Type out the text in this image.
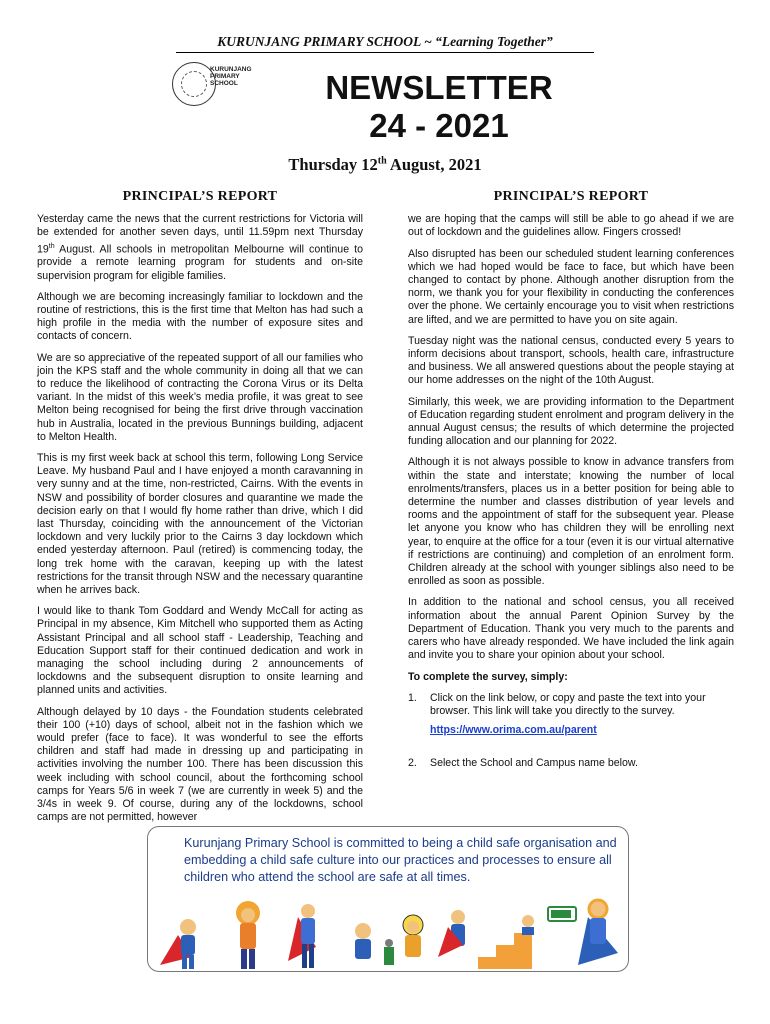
KURUNJANG PRIMARY SCHOOL ~ “Learning Together”
KURUNJANG
PRIMARY
SCHOOL	NEWSLETTER
24 - 2021
Thursday 12th August, 2021
PRINCIPAL’S REPORT

Yesterday came the news that the current restrictions for Victoria will be extended for another seven days, until 11.59pm next Thursday 19th August. All schools in metropolitan Melbourne will continue to provide a remote learning program for students and on-site supervision program for eligible families.

Although we are becoming increasingly familiar to lockdown and the routine of restrictions, this is the first time that Melton has had such a high profile in the media with the number of exposure sites and contacts of concern.

We are so appreciative of the repeated support of all our families who join the KPS staff and the whole community in doing all that we can to reduce the likelihood of contracting the Corona Virus or its Delta variant. In the midst of this week’s media profile, it was great to see Melton being recognised for being the first drive through vaccination hub in Australia, located in the previous Bunnings building, adjacent to Melton Health.

This is my first week back at school this term, following Long Service Leave. My husband Paul and I have enjoyed a month caravanning in very sunny and at the time, non-restricted, Cairns. With the events in NSW and possibility of border closures and quarantine we made the decision early on that I would fly home rather than drive, which I did last Thursday, coinciding with the announcement of the Victorian lockdown and very luckily prior to the Cairns 3 day lockdown which ended yesterday afternoon. Paul (retired) is commencing today, the long trek home with the caravan, keeping up with the latest restrictions for the transit through NSW and the necessary quarantine when he arrives back.

I would like to thank Tom Goddard and Wendy McCall for acting as Principal in my absence, Kim Mitchell who supported them as Acting Assistant Principal and all school staff - Leadership, Teaching and Education Support staff for their continued dedication and work in managing the school including during 2 announcements of lockdowns and the subsequent disruption to onsite learning and planned units and activities.

Although delayed by 10 days - the Foundation students celebrated their 100 (+10) days of school, albeit not in the fashion which we would prefer (face to face). It was wonderful to see the efforts children and staff had made in dressing up and participating in activities involving the number 100. There has been discussion this week including with school council, about the forthcoming school camps for Years 5/6 in week 7 (we are currently in week 5) and the 3/4s in week 9. Of course, during any of the lockdowns, school camps are not permitted, however

PRINCIPAL’S REPORT

we are hoping that the camps will still be able to go ahead if we are out of lockdown and the guidelines allow. Fingers crossed!

Also disrupted has been our scheduled student learning conferences which we had hoped would be face to face, but which have been changed to contact by phone. Although another disruption from the norm, we thank you for your flexibility in conducting the conferences over the phone. We certainly encourage you to visit when restrictions are lifted, and we are permitted to have you on site again.

Tuesday night was the national census, conducted every 5 years to inform decisions about transport, schools, health care, infrastructure and business. We all answered questions about the people staying at our home addresses on the night of the 10th August.

Similarly, this week, we are providing information to the Department of Education regarding student enrolment and program delivery in the annual August census; the results of which determine the projected funding allocation and our planning for 2022.

Although it is not always possible to know in advance transfers from within the state and interstate; knowing the number of local enrolments/transfers, places us in a better position for being able to determine the number and classes distribution of year levels and rooms and the appointment of staff for the subsequent year. Please let anyone you know who has children they will be enrolling next year, to enquire at the office for a tour (even it is our virtual alternative if restrictions are continuing) and completion of an enrolment form. Children already at the school with younger siblings also need to be enrolled as soon as possible.

In addition to the national and school census, you all received information about the annual Parent Opinion Survey by the Department of Education. Thank you very much to the parents and carers who have already responded. We have included the link again and invite you to share your opinion about your school.

To complete the survey, simply:

1.	Click on the link below, or copy and paste the text into your browser. This link will take you directly to the survey.
https://www.orima.com.au/parent
2.	Select the School and Campus name below.
Kurunjang Primary School is committed to being a child safe organisation and embedding a child safe culture into our practices and processes to ensure all children who attend the school are safe at all times.
